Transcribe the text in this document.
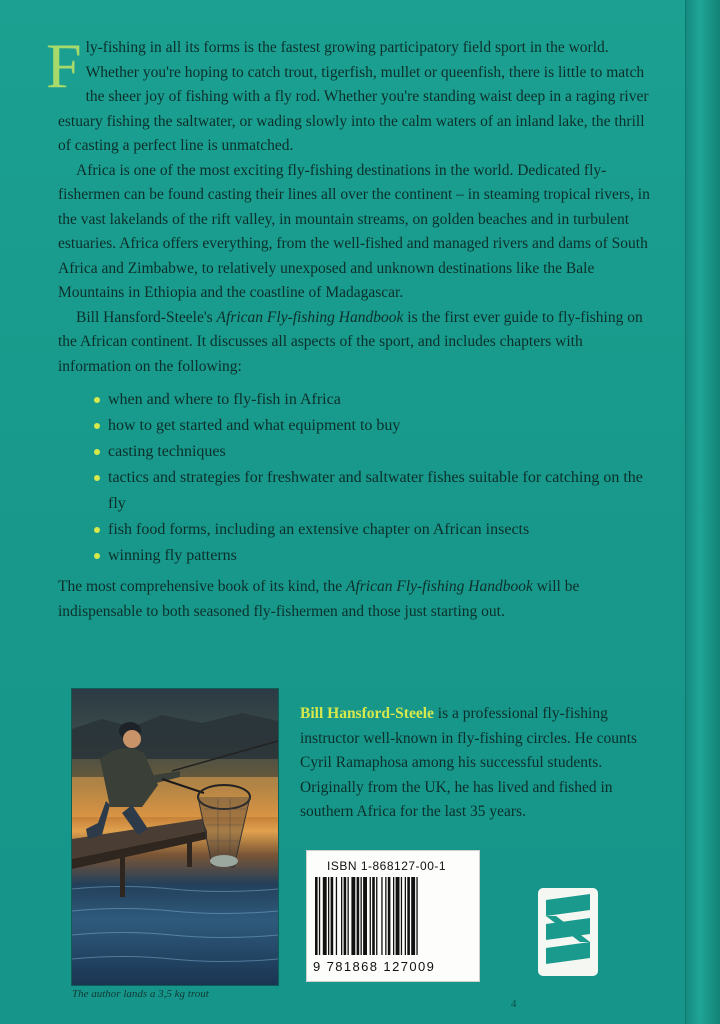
Fly-fishing in all its forms is the fastest growing participatory field sport in the world. Whether you're hoping to catch trout, tigerfish, mullet or queenfish, there is little to match the sheer joy of fishing with a fly rod. Whether you're standing waist deep in a raging river estuary fishing the saltwater, or wading slowly into the calm waters of an inland lake, the thrill of casting a perfect line is unmatched.

Africa is one of the most exciting fly-fishing destinations in the world. Dedicated fly-fishermen can be found casting their lines all over the continent – in steaming tropical rivers, in the vast lakelands of the rift valley, in mountain streams, on golden beaches and in turbulent estuaries. Africa offers everything, from the well-fished and managed rivers and dams of South Africa and Zimbabwe, to relatively unexposed and unknown destinations like the Bale Mountains in Ethiopia and the coastline of Madagascar.

Bill Hansford-Steele's African Fly-fishing Handbook is the first ever guide to fly-fishing on the African continent. It discusses all aspects of the sport, and includes chapters with information on the following:

when and where to fly-fish in Africa
how to get started and what equipment to buy
casting techniques
tactics and strategies for freshwater and saltwater fishes suitable for catching on the fly
fish food forms, including an extensive chapter on African insects
winning fly patterns

The most comprehensive book of its kind, the African Fly-fishing Handbook will be indispensable to both seasoned fly-fishermen and those just starting out.

The author lands a 3,5 kg trout
Bill Hansford-Steele is a professional fly-fishing instructor well-known in fly-fishing circles. He counts Cyril Ramaphosa among his successful students. Originally from the UK, he has lived and fished in southern Africa for the last 35 years.
ISBN 1-868127-00-1
9 781868 127009
4
